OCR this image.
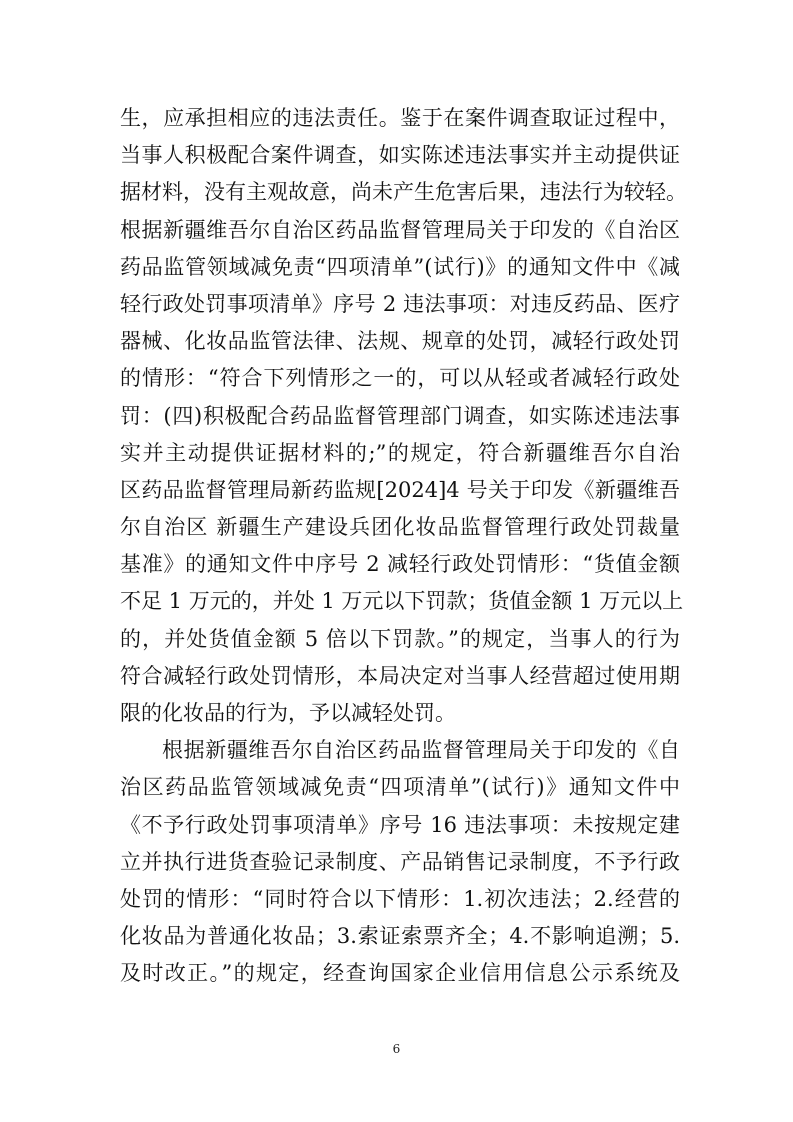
生，应承担相应的违法责任。鉴于在案件调查取证过程中，
当事人积极配合案件调查，如实陈述违法事实并主动提供证
据材料，没有主观故意，尚未产生危害后果，违法行为较轻。
根据新疆维吾尔自治区药品监督管理局关于印发的《自治区
药品监管领域减免责“四项清单”(试行)》的通知文件中《减
轻行政处罚事项清单》序号 2 违法事项：对违反药品、医疗
器械、化妆品监管法律、法规、规章的处罚，减轻行政处罚
的情形：“符合下列情形之一的，可以从轻或者减轻行政处
罚：(四)积极配合药品监督管理部门调查，如实陈述违法事
实并主动提供证据材料的;”的规定，符合新疆维吾尔自治
区药品监督管理局新药监规[2024]4 号关于印发《新疆维吾
尔自治区 新疆生产建设兵团化妆品监督管理行政处罚裁量
基准》的通知文件中序号 2 减轻行政处罚情形：“货值金额
不足 1 万元的，并处 1 万元以下罚款；货值金额 1 万元以上
的，并处货值金额 5 倍以下罚款。”的规定，当事人的行为
符合减轻行政处罚情形，本局决定对当事人经营超过使用期
限的化妆品的行为，予以减轻处罚。
根据新疆维吾尔自治区药品监督管理局关于印发的《自
治区药品监管领域减免责“四项清单”(试行)》通知文件中
《不予行政处罚事项清单》序号 16 违法事项：未按规定建
立并执行进货查验记录制度、产品销售记录制度，不予行政
处罚的情形：“同时符合以下情形：1.初次违法；2.经营的
化妆品为普通化妆品；3.索证索票齐全；4.不影响追溯；5.
及时改正。”的规定，经查询国家企业信用信息公示系统及
6
